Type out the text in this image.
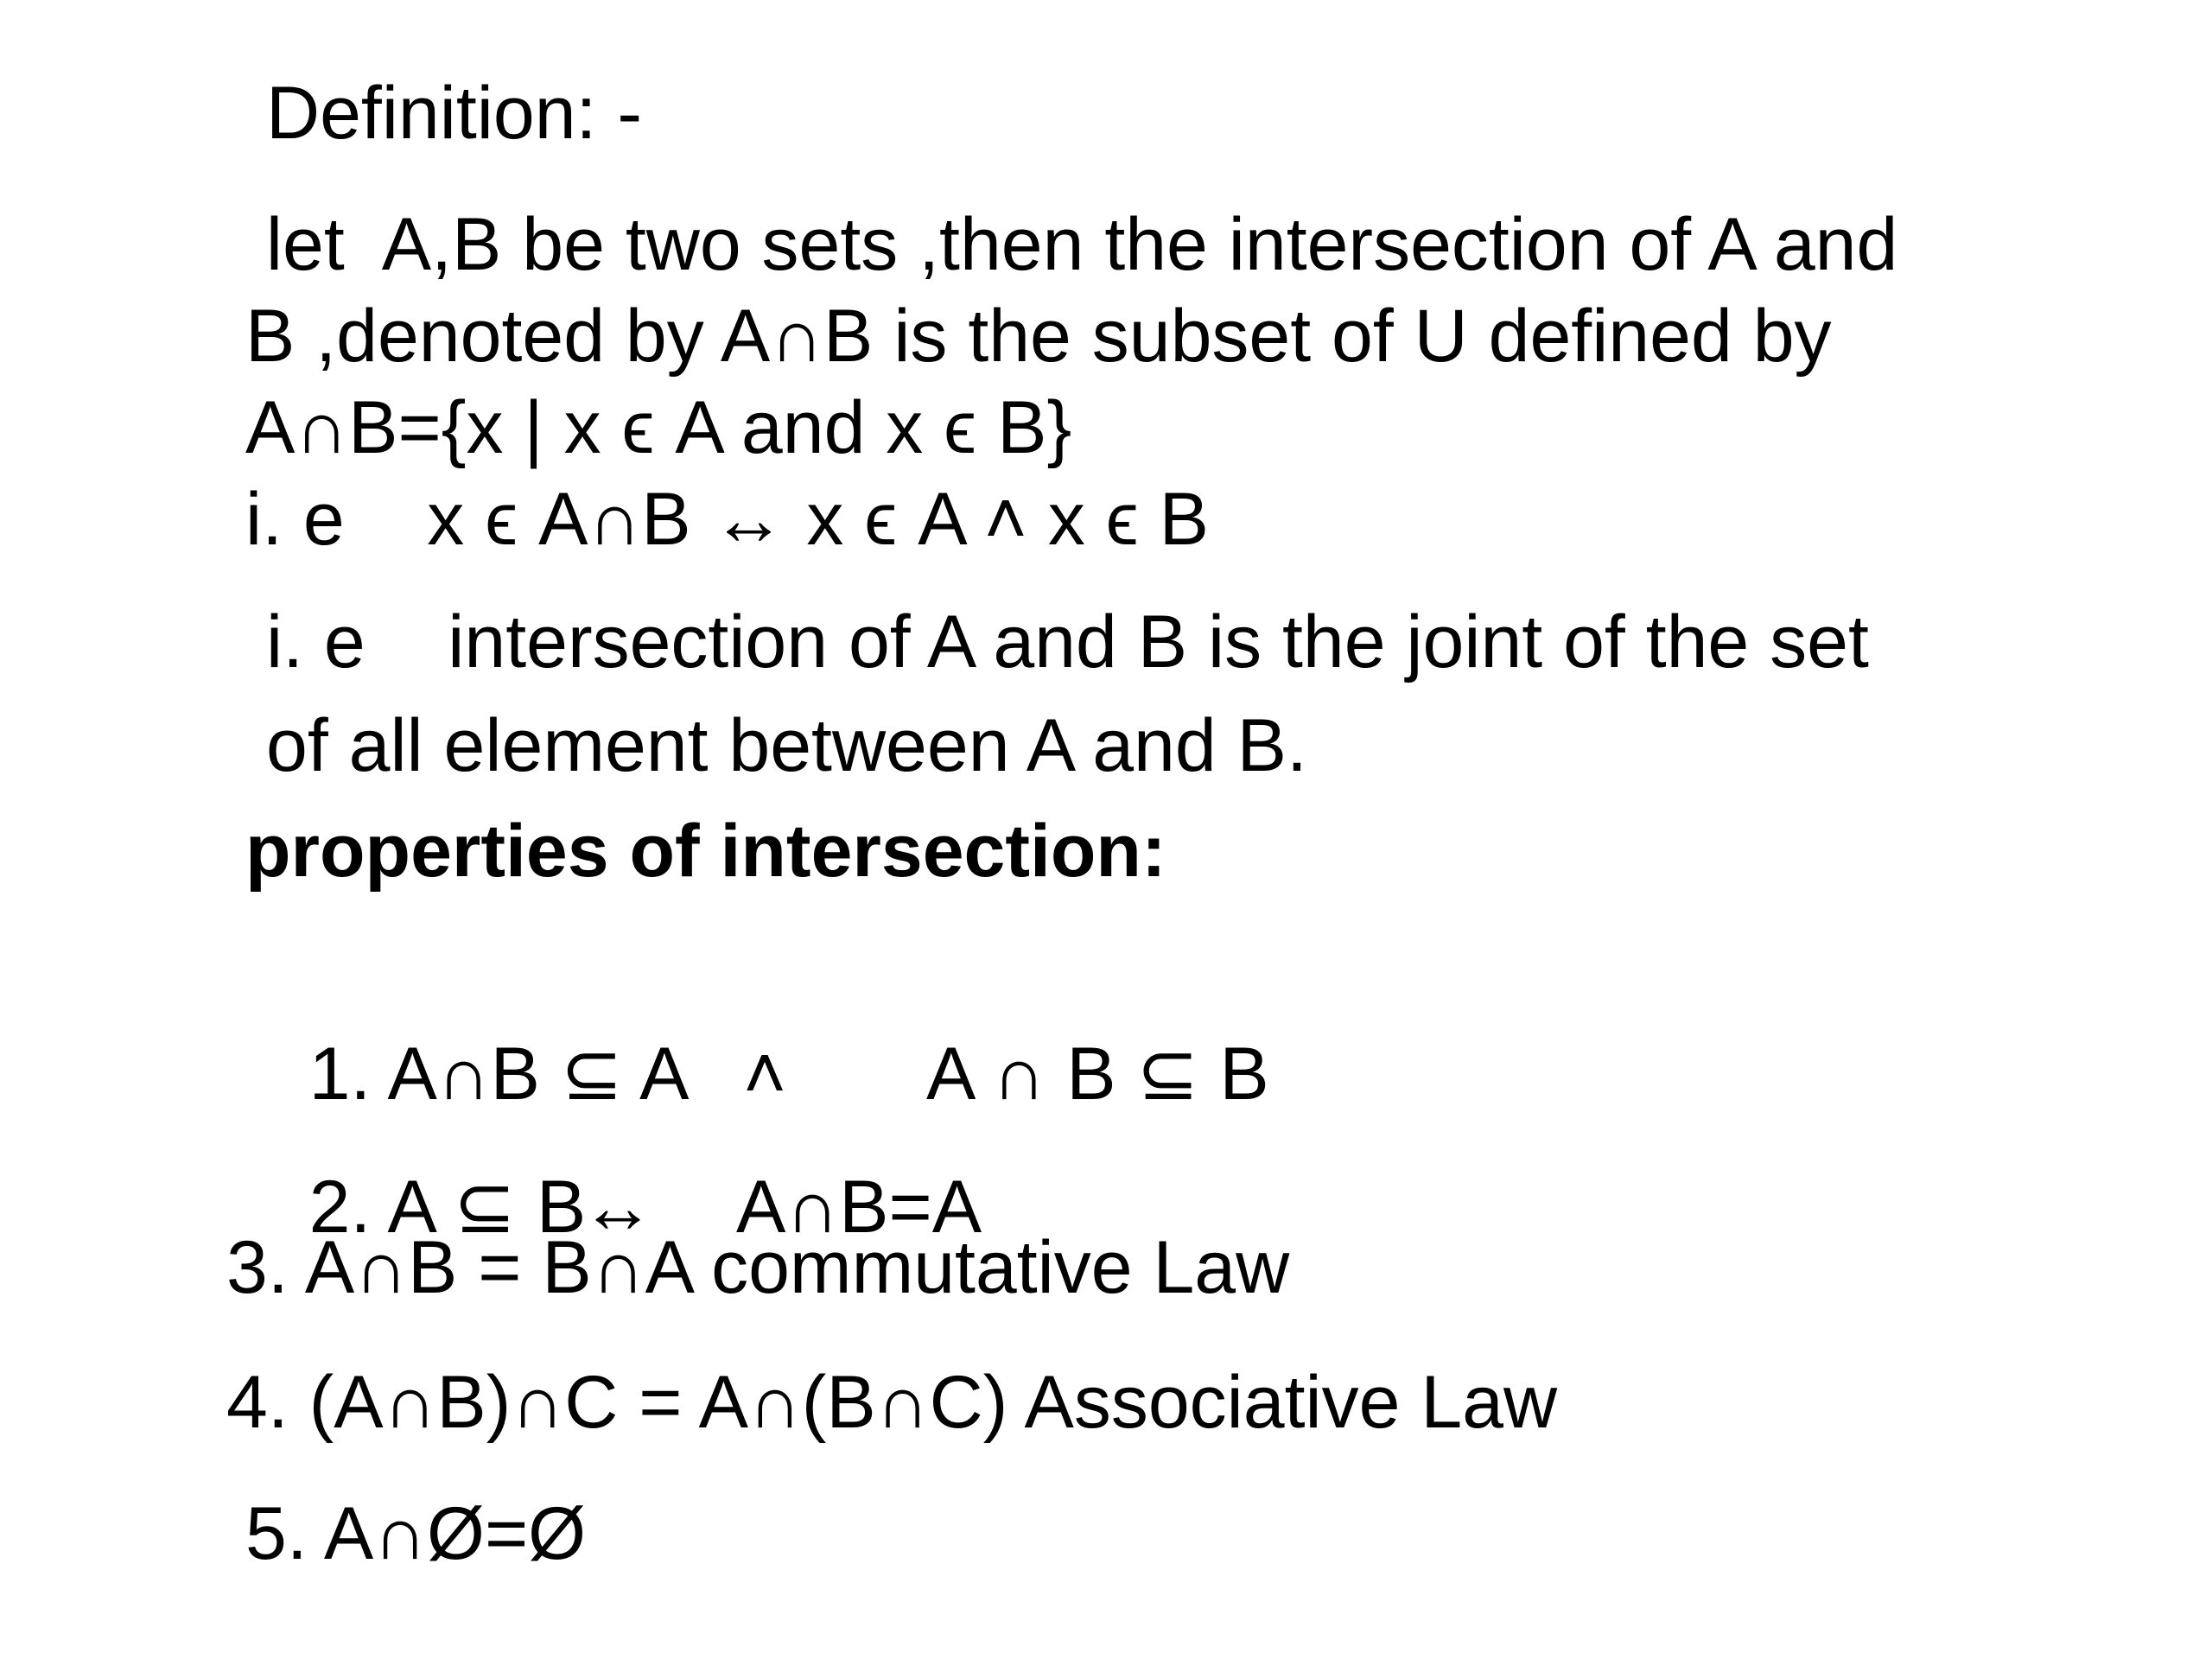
Definition: -

let  A,B be two sets ,then the intersection of A and

B ,denoted by A∩B is the subset of U defined by

A∩B={x | x ϵ A and x ϵ B}

i. e    x ϵ A∩B ↔ x ϵ A ˄ x ϵ B

i. e    intersection of A and B is the joint of the set

of all element between A and B.

properties of intersection:

1. A∩B ⊆ A ˄ A ∩ B ⊆ B

2. A ⊆ B
↔ A∩B=A

3. A∩B = B∩A commutative Law

4. (A∩B)∩C = A∩(B∩C) Associative Law

5. A∩Ø=Ø
